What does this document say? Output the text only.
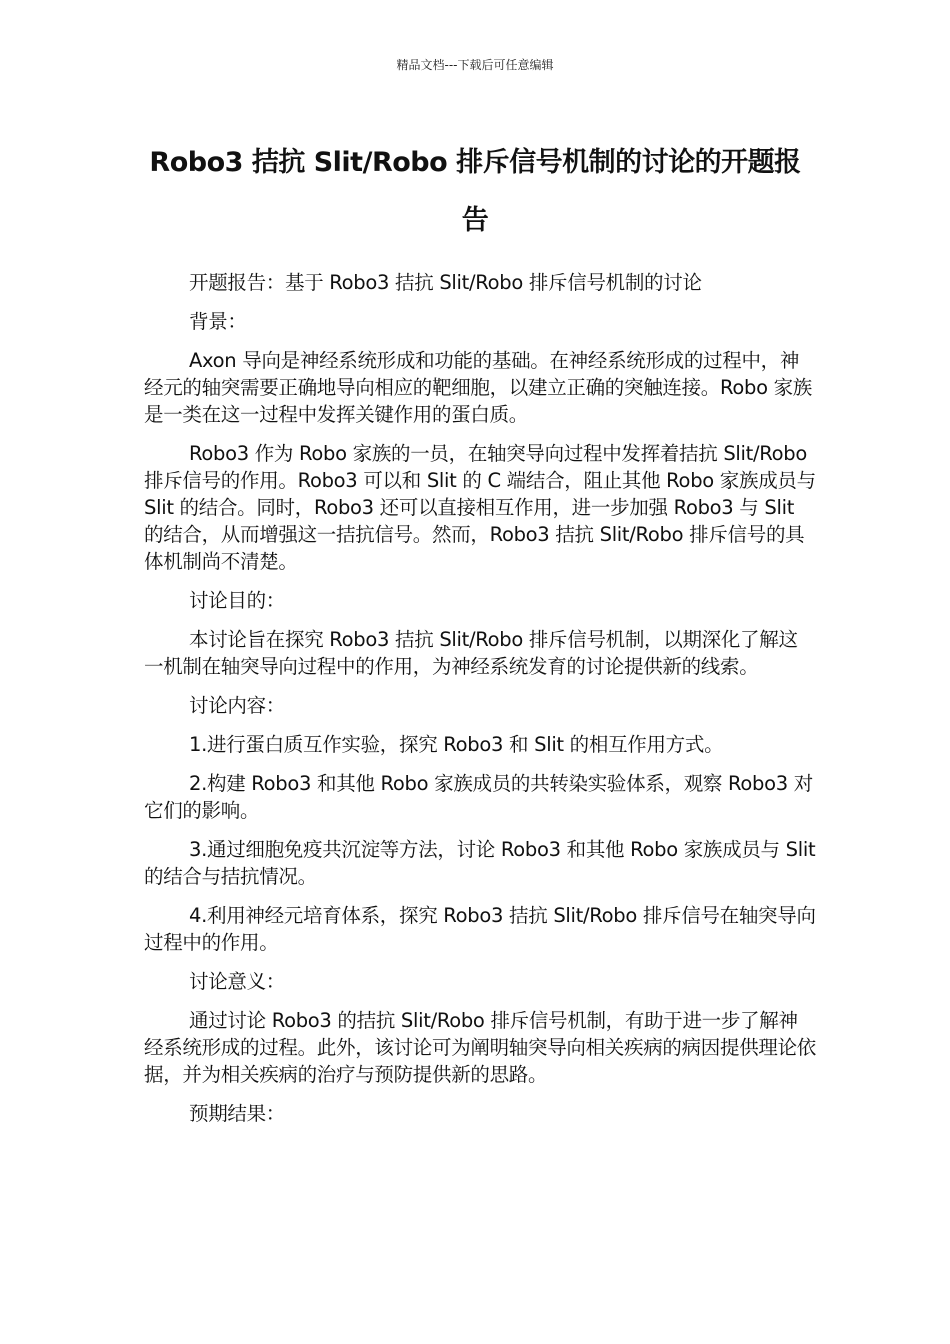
精品文档---下载后可任意编辑
Robo3 拮抗 Slit/Robo 排斥信号机制的讨论的开题报告

开题报告：基于 Robo3 拮抗 Slit/Robo 排斥信号机制的讨论

背景：

Axon 导向是神经系统形成和功能的基础。在神经系统形成的过程中，神经元的轴突需要正确地导向相应的靶细胞，以建立正确的突触连接。Robo 家族是一类在这一过程中发挥关键作用的蛋白质。

Robo3 作为 Robo 家族的一员，在轴突导向过程中发挥着拮抗 Slit/Robo 排斥信号的作用。Robo3 可以和 Slit 的 C 端结合，阻止其他 Robo 家族成员与 Slit 的结合。同时，Robo3 还可以直接相互作用，进一步加强 Robo3 与 Slit 的结合，从而增强这一拮抗信号。然而，Robo3 拮抗 Slit/Robo 排斥信号的具体机制尚不清楚。

讨论目的：

本讨论旨在探究 Robo3 拮抗 Slit/Robo 排斥信号机制，以期深化了解这一机制在轴突导向过程中的作用，为神经系统发育的讨论提供新的线索。

讨论内容：

1.进行蛋白质互作实验，探究 Robo3 和 Slit 的相互作用方式。

2.构建 Robo3 和其他 Robo 家族成员的共转染实验体系，观察 Robo3 对它们的影响。

3.通过细胞免疫共沉淀等方法，讨论 Robo3 和其他 Robo 家族成员与 Slit 的结合与拮抗情况。

4.利用神经元培育体系，探究 Robo3 拮抗 Slit/Robo 排斥信号在轴突导向过程中的作用。

讨论意义：

通过讨论 Robo3 的拮抗 Slit/Robo 排斥信号机制，有助于进一步了解神经系统形成的过程。此外，该讨论可为阐明轴突导向相关疾病的病因提供理论依据，并为相关疾病的治疗与预防提供新的思路。

预期结果：
